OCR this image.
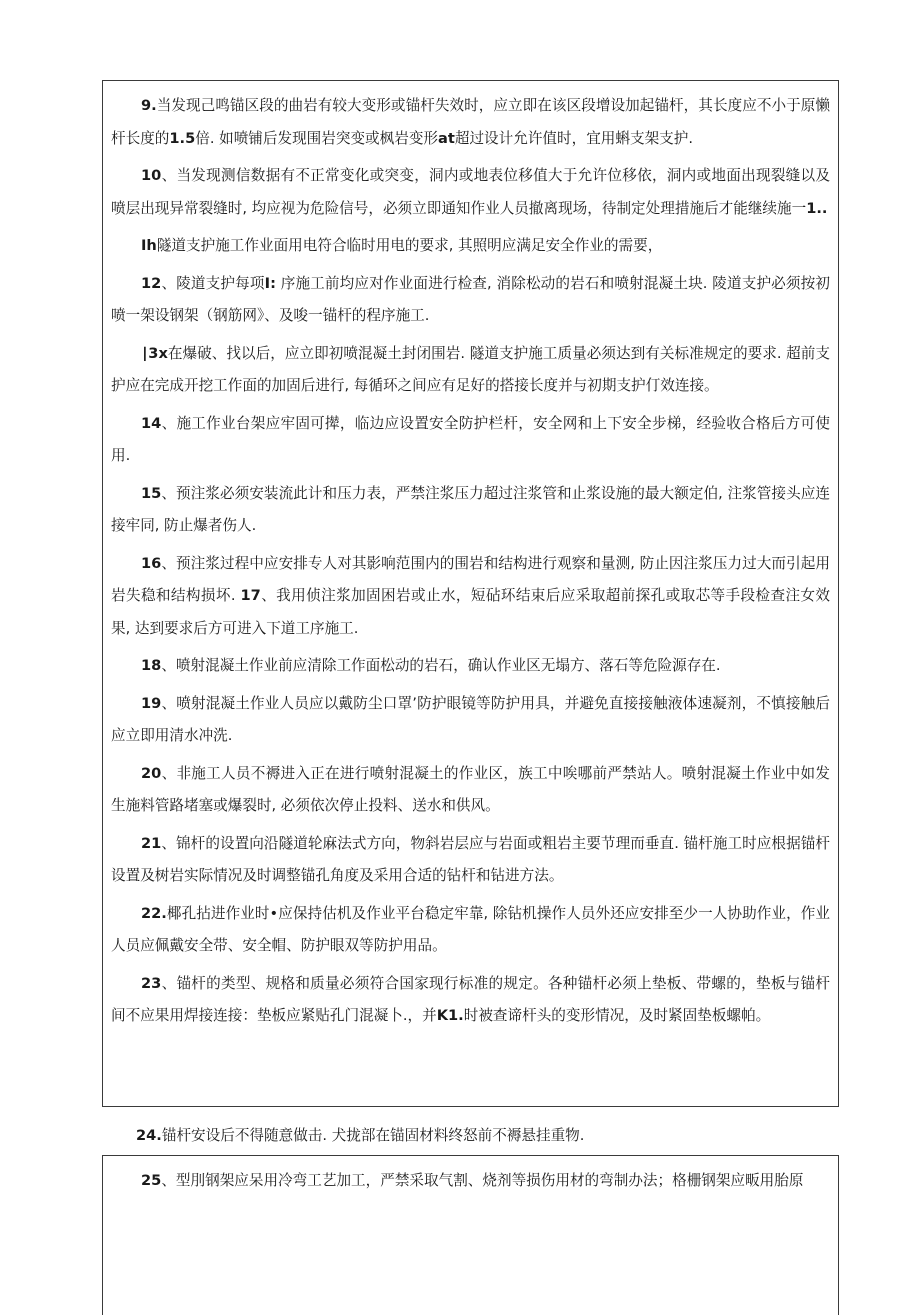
9.当发现己鸣锚区段的曲岩有较大变形或锚杆失效时，应立即在该区段增设加起锚杆，其长度应不小于原懒杆长度的1.5倍. 如喷铺后发现围岩突变或枫岩变形at超过设计允许值时，宜用蝌支架支护.

10、当发现测信数据有不正常变化或突变，洞内或地表位移值大于允许位移依，洞内或地面出现裂缝以及喷层出现异常裂缝时, 均应视为危险信号，必须立即通知作业人员撤离现场，待制定处理措施后才能继续施一1..

Ih隧道支护施工作业面用电符合临时用电的要求, 其照明应满足安全作业的需要，

12、陵道支护每项I: 序施工前均应对作业面进行检查, 消除松动的岩石和喷射混凝土块. 陵道支护必须按初喷一架设钢架（钢筋网》、及唆一锚杆的程序施工.

∣3x在爆破、找以后，应立即初喷混凝土封闭围岩. 隧道支护施工质量必须达到有关标准规定的要求. 超前支护应在完成开挖工作面的加固后进行, 每循环之间应有足好的搭接长度并与初期支护仃效连接。

14、施工作业台架应牢固可撵，临边应设置安全防护栏杆，安全网和上下安全步梯，经验收合格后方可使用.

15、预注浆必须安装流此计和压力表，严禁注浆压力超过注浆管和止浆设施的最大额定伯, 注浆管接头应连接牢同, 防止爆者伤人.

16、预注浆过程中应安排专人对其影响范围内的围岩和结构进行观察和量测, 防止因注浆压力过大而引起用岩失稳和结构损坏. 17、我用侦注浆加固困岩或止水，短砧环结束后应采取超前探孔或取芯等手段检查注女效果, 达到要求后方可进入下道工序施工.

18、喷射混凝土作业前应清除工作面松动的岩石，确认作业区无塌方、落石等危险源存在.

19、喷射混凝土作业人员应以戴防尘口罩’防护眼镜等防护用具，并避免直接接触液体速凝剂，不慎接触后应立即用清水冲洗.

20、非施工人员不褥进入正在进行喷射混凝土的作业区，族工中唉哪前严禁站人。喷射混凝土作业中如发生施料管路堵塞或爆裂时, 必须依次停止投料、送水和供风。

21、锦杆的设置向沿隧道轮麻法式方向，物斜岩层应与岩面或粗岩主要节理而垂直. 锚杆施工时应根据锚杆设置及树岩实际情况及时调整锚孔角度及采用合适的钻杆和钻进方法。

22.椰孔拈进作业时•应保持估机及作业平台稳定牢靠, 除钻机操作人员外还应安排至少一人协助作业，作业人员应佩戴安全带、安全帽、防护眼双等防护用品。

23、锚杆的类型、规格和质量必须符合国家现行标准的规定。各种锚杆必须上垫板、带螺的，垫板与锚杆间不应果用焊接连接：垫板应紧贴孔门混凝卜.，并K1.时被查谛杆头的变形情况，及时紧固垫板螺帕。

24.锚杆安设后不得随意做击. 犬拢部在锚固材料终怒前不褥悬挂重物.

25、型刖钢架应呆用冷弯工艺加工，严禁采取气割、烧剂等损伤用材的弯制办法；格栅钢架应畈用胎原
